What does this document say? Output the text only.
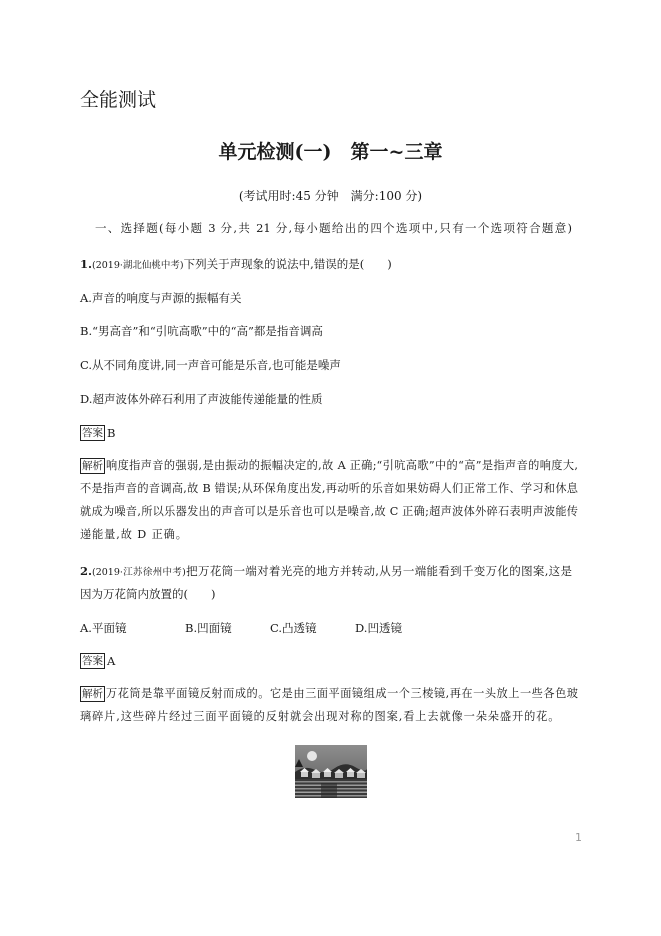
全能测试
单元检测(一)　第一~三章
(考试用时:45 分钟　满分:100 分)
一、选择题(每小题 3 分,共 21 分,每小题给出的四个选项中,只有一个选项符合题意)
1.(2019·湖北仙桃中考)下列关于声现象的说法中,错误的是(　　)
A.声音的响度与声源的振幅有关
B.“男高音”和“引吭高歌”中的“高”都是指音调高
C.从不同角度讲,同一声音可能是乐音,也可能是噪声
D.超声波体外碎石利用了声波能传递能量的性质
答案 B
解析 响度指声音的强弱,是由振动的振幅决定的,故 A 正确;“引吭高歌”中的“高”是指声音的响度大,
不是指声音的音调高,故 B 错误;从环保角度出发,再动听的乐音如果妨碍人们正常工作、学习和休息
就成为噪音,所以乐器发出的声音可以是乐音也可以是噪音,故 C 正确;超声波体外碎石表明声波能传
递能量,故 D 正确。
2.(2019·江苏徐州中考)把万花筒一端对着光亮的地方并转动,从另一端能看到千变万化的图案,这是
因为万花筒内放置的(　　)
A.平面镜	B.凹面镜	C.凸透镜	D.凹透镜
答案 A
解析 万花筒是靠平面镜反射而成的。它是由三面平面镜组成一个三棱镜,再在一头放上一些各色玻
璃碎片,这些碎片经过三面平面镜的反射就会出现对称的图案,看上去就像一朵朵盛开的花。
1
